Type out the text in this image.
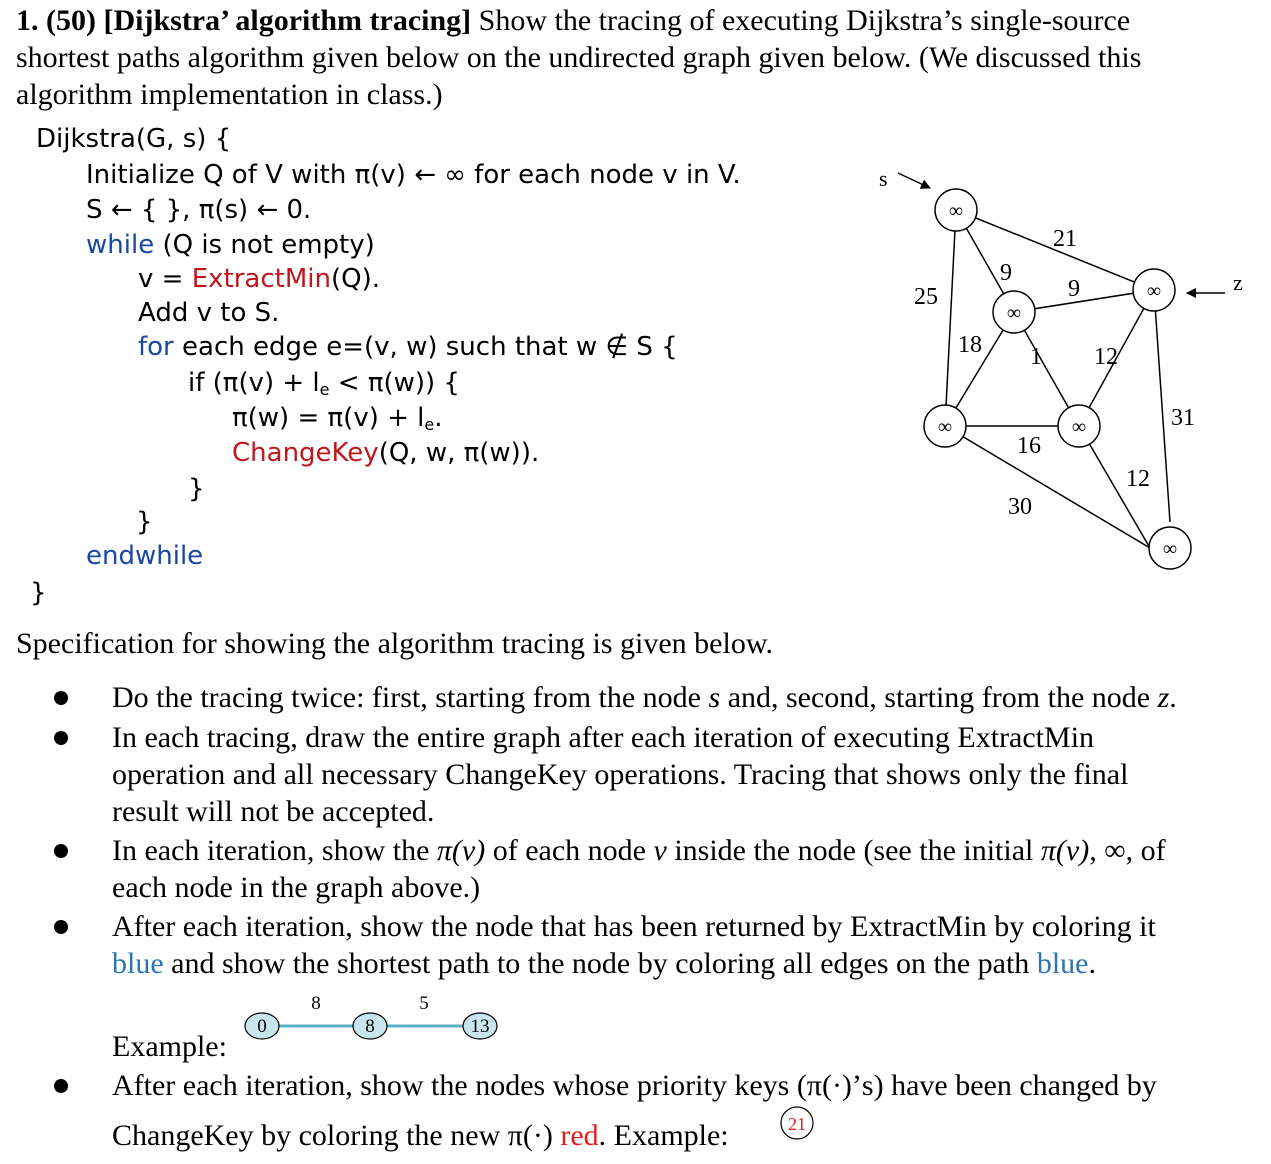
1. (50) [Dijkstra’ algorithm tracing] Show the tracing of executing Dijkstra’s single-source
shortest paths algorithm given below on the undirected graph given below. (We discussed this
algorithm implementation in class.)
Dijkstra(G, s) {
Initialize Q of V with π(v) ← ∞ for each node v in V.
S ← { }, π(s) ← 0.
while (Q is not empty)
v = ExtractMin(Q).
Add v to S.
for each edge e=(v, w) such that w ∉ S {
if $(\pi(v) + l_e < \pi(w))$ {
$\pi(w) = \pi(v) + l_e$.
ChangeKey(Q, w, π(w)).
}
}
endwhile
}
s
z
∞
∞
∞
∞	∞
∞
21
9
9
25
18 1 12
31
16
12
30
Specification for showing the algorithm tracing is given below.
Do the tracing twice: first, starting from the node s and, second, starting from the node z.
In each tracing, draw the entire graph after each iteration of executing ExtractMin
operation and all necessary ChangeKey operations. Tracing that shows only the final
result will not be accepted.
In each iteration, show the π(v) of each node v inside the node (see the initial π(v), ∞, of
each node in the graph above.)
After each iteration, show the node that has been returned by ExtractMin by coloring it
blue and show the shortest path to the node by coloring all edges on the path blue.
Example:
0	8	13
8	5
After each iteration, show the nodes whose priority keys (π(·)’s) have been changed by
ChangeKey by coloring the new π(·) red. Example:	21
